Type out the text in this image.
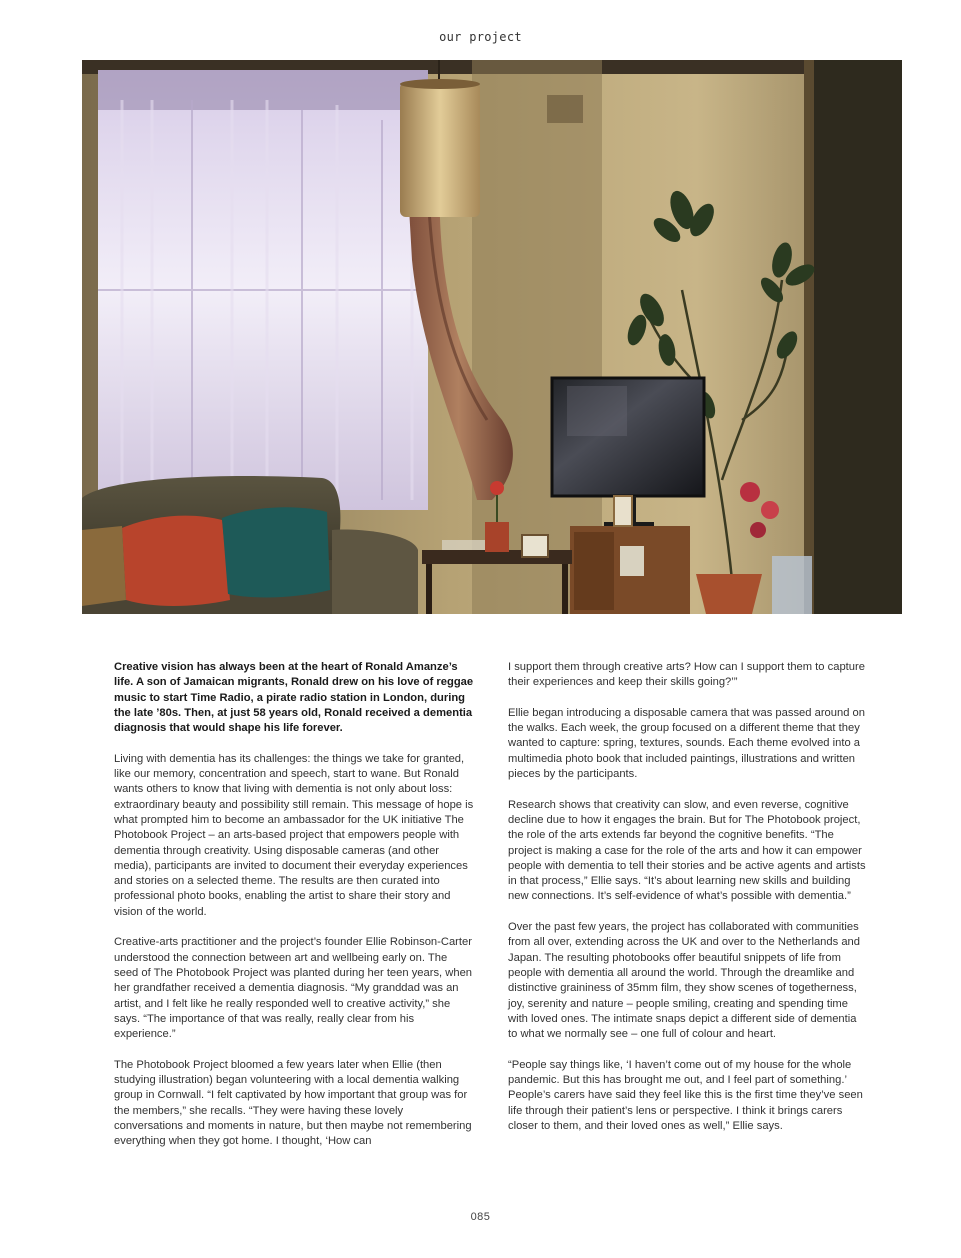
our project

Creative vision has always been at the heart of Ronald Amanze’s life. A son of Jamaican migrants, Ronald drew on his love of reggae music to start Time Radio, a pirate radio station in London, during the late ’80s. Then, at just 58 years old, Ronald received a dementia diagnosis that would shape his life forever.

Living with dementia has its challenges: the things we take for granted, like our memory, concentration and speech, start to wane. But Ronald wants others to know that living with dementia is not only about loss: extraordinary beauty and possibility still remain. This message of hope is what prompted him to become an ambassador for the UK initiative The Photobook Project – an arts-based project that empowers people with dementia through creativity. Using disposable cameras (and other media), participants are invited to document their everyday experiences and stories on a selected theme. The results are then curated into professional photo books, enabling the artist to share their story and vision of the world.

Creative-arts practitioner and the project’s founder Ellie Robinson-Carter understood the connection between art and wellbeing early on. The seed of The Photobook Project was planted during her teen years, when her grandfather received a dementia diagnosis. “My granddad was an artist, and I felt like he really responded well to creative activity,” she says. “The importance of that was really, really clear from his experience.”

The Photobook Project bloomed a few years later when Ellie (then studying illustration) began volunteering with a local dementia walking group in Cornwall. “I felt captivated by how important that group was for the members,” she recalls. “They were having these lovely conversations and moments in nature, but then maybe not remembering everything when they got home. I thought, ‘How can

I support them through creative arts? How can I support them to capture their experiences and keep their skills going?’”

Ellie began introducing a disposable camera that was passed around on the walks. Each week, the group focused on a different theme that they wanted to capture: spring, textures, sounds. Each theme evolved into a multimedia photo book that included paintings, illustrations and written pieces by the participants.

Research shows that creativity can slow, and even reverse, cognitive decline due to how it engages the brain. But for The Photobook project, the role of the arts extends far beyond the cognitive benefits. “The project is making a case for the role of the arts and how it can empower people with dementia to tell their stories and be active agents and artists in that process,” Ellie says. “It’s about learning new skills and building new connections. It’s self-evidence of what’s possible with dementia.”

Over the past few years, the project has collaborated with communities from all over, extending across the UK and over to the Netherlands and Japan. The resulting photobooks offer beautiful snippets of life from people with dementia all around the world. Through the dreamlike and distinctive graininess of 35mm film, they show scenes of togetherness, joy, serenity and nature – people smiling, creating and spending time with loved ones. The intimate snaps depict a different side of dementia to what we normally see – one full of colour and heart.

“People say things like, ‘I haven’t come out of my house for the whole pandemic. But this has brought me out, and I feel part of something.’ People’s carers have said they feel like this is the first time they’ve seen life through their patient’s lens or perspective. I think it brings carers closer to them, and their loved ones as well,” Ellie says.

085
